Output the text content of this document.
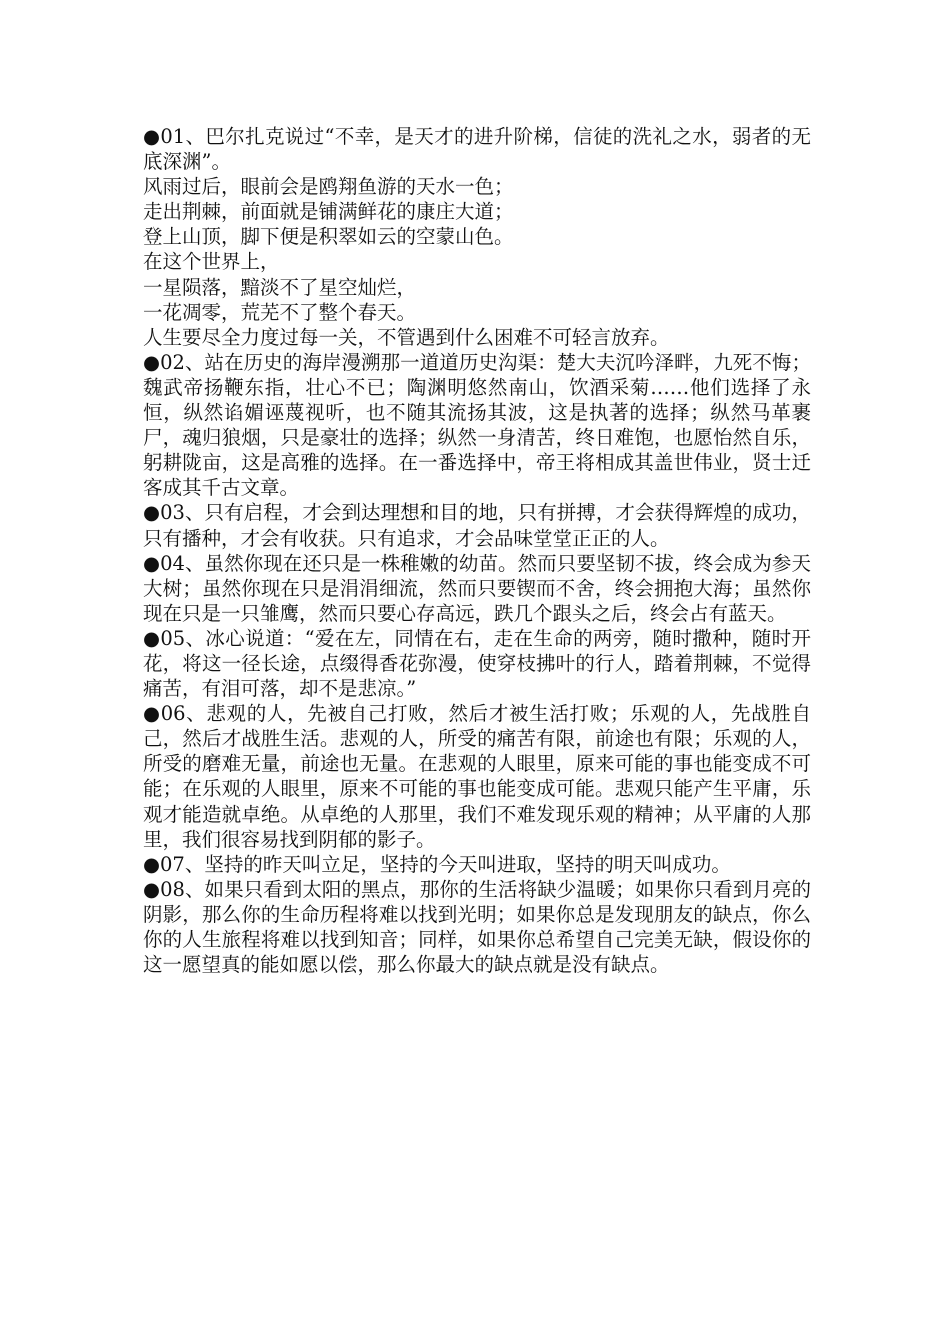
●01、巴尔扎克说过“不幸，是天才的进升阶梯，信徒的洗礼之水，弱者的无底深渊”。

风雨过后，眼前会是鸥翔鱼游的天水一色；

走出荆棘，前面就是铺满鲜花的康庄大道；

登上山顶，脚下便是积翠如云的空蒙山色。

在这个世界上，

一星陨落，黯淡不了星空灿烂，

一花凋零，荒芜不了整个春天。

人生要尽全力度过每一关，不管遇到什么困难不可轻言放弃。

●02、站在历史的海岸漫溯那一道道历史沟渠：楚大夫沉吟泽畔，九死不悔；魏武帝扬鞭东指，壮心不已；陶渊明悠然南山，饮酒采菊……他们选择了永恒，纵然谄媚诬蔑视听，也不随其流扬其波，这是执著的选择；纵然马革裹尸，魂归狼烟，只是豪壮的选择；纵然一身清苦，终日难饱，也愿怡然自乐，躬耕陇亩，这是高雅的选择。在一番选择中，帝王将相成其盖世伟业，贤士迁客成其千古文章。

●03、只有启程，才会到达理想和目的地，只有拼搏，才会获得辉煌的成功，只有播种，才会有收获。只有追求，才会品味堂堂正正的人。

●04、虽然你现在还只是一株稚嫩的幼苗。然而只要坚韧不拔，终会成为参天大树；虽然你现在只是涓涓细流，然而只要锲而不舍，终会拥抱大海；虽然你现在只是一只雏鹰，然而只要心存高远，跌几个跟头之后，终会占有蓝天。

●05、冰心说道：“爱在左，同情在右，走在生命的两旁，随时撒种，随时开花，将这一径长途，点缀得香花弥漫，使穿枝拂叶的行人，踏着荆棘，不觉得痛苦，有泪可落，却不是悲凉。”

●06、悲观的人，先被自己打败，然后才被生活打败；乐观的人，先战胜自己，然后才战胜生活。悲观的人，所受的痛苦有限，前途也有限；乐观的人，所受的磨难无量，前途也无量。在悲观的人眼里，原来可能的事也能变成不可能；在乐观的人眼里，原来不可能的事也能变成可能。悲观只能产生平庸，乐观才能造就卓绝。从卓绝的人那里，我们不难发现乐观的精神；从平庸的人那里，我们很容易找到阴郁的影子。

●07、坚持的昨天叫立足，坚持的今天叫进取，坚持的明天叫成功。

●08、如果只看到太阳的黑点，那你的生活将缺少温暖；如果你只看到月亮的阴影，那么你的生命历程将难以找到光明；如果你总是发现朋友的缺点，你么你的人生旅程将难以找到知音；同样，如果你总希望自己完美无缺，假设你的这一愿望真的能如愿以偿，那么你最大的缺点就是没有缺点。
